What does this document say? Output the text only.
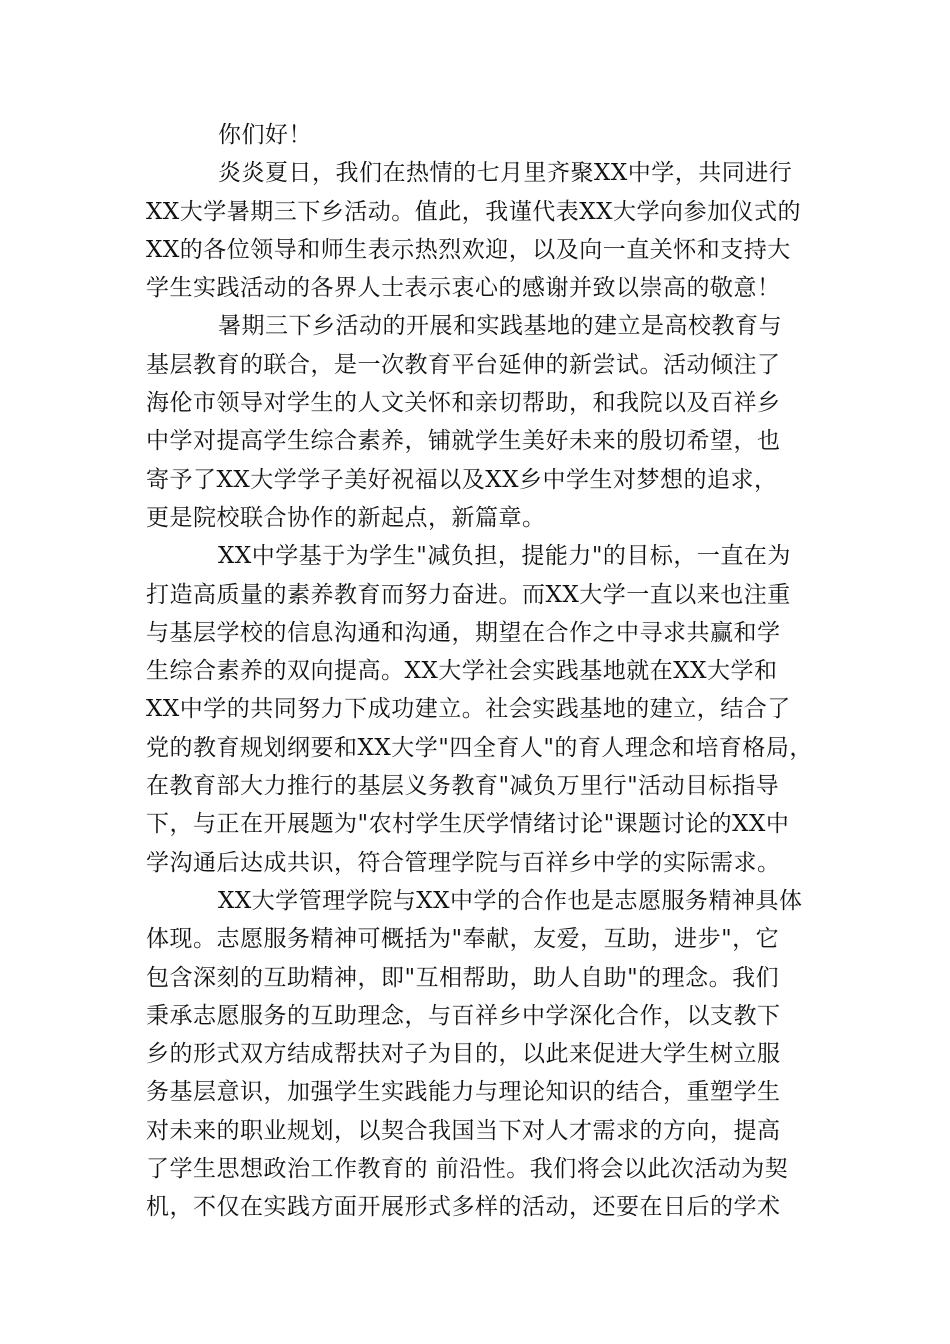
你们好！
炎炎夏日，我们在热情的七月里齐聚XX中学，共同进行
XX大学暑期三下乡活动。值此，我谨代表XX大学向参加仪式的
XX的各位领导和师生表示热烈欢迎，以及向一直关怀和支持大
学生实践活动的各界人士表示衷心的感谢并致以崇高的敬意！
暑期三下乡活动的开展和实践基地的建立是高校教育与
基层教育的联合，是一次教育平台延伸的新尝试。活动倾注了
海伦市领导对学生的人文关怀和亲切帮助，和我院以及百祥乡
中学对提高学生综合素养，铺就学生美好未来的殷切希望，也
寄予了XX大学学子美好祝福以及XX乡中学生对梦想的追求，
更是院校联合协作的新起点，新篇章。
XX中学基于为学生"减负担，提能力"的目标，一直在为
打造高质量的素养教育而努力奋进。而XX大学一直以来也注重
与基层学校的信息沟通和沟通，期望在合作之中寻求共赢和学
生综合素养的双向提高。XX大学社会实践基地就在XX大学和
XX中学的共同努力下成功建立。社会实践基地的建立，结合了
党的教育规划纲要和XX大学"四全育人"的育人理念和培育格局，
在教育部大力推行的基层义务教育"减负万里行"活动目标指导
下，与正在开展题为"农村学生厌学情绪讨论"课题讨论的XX中
学沟通后达成共识，符合管理学院与百祥乡中学的实际需求。
XX大学管理学院与XX中学的合作也是志愿服务精神具体
体现。志愿服务精神可概括为"奉献，友爱，互助，进步"，它
包含深刻的互助精神，即"互相帮助，助人自助"的理念。我们
秉承志愿服务的互助理念，与百祥乡中学深化合作，以支教下
乡的形式双方结成帮扶对子为目的，以此来促进大学生树立服
务基层意识，加强学生实践能力与理论知识的结合，重塑学生
对未来的职业规划，以契合我国当下对人才需求的方向，提高
了学生思想政治工作教育的 前沿性。我们将会以此次活动为契
机，不仅在实践方面开展形式多样的活动，还要在日后的学术
